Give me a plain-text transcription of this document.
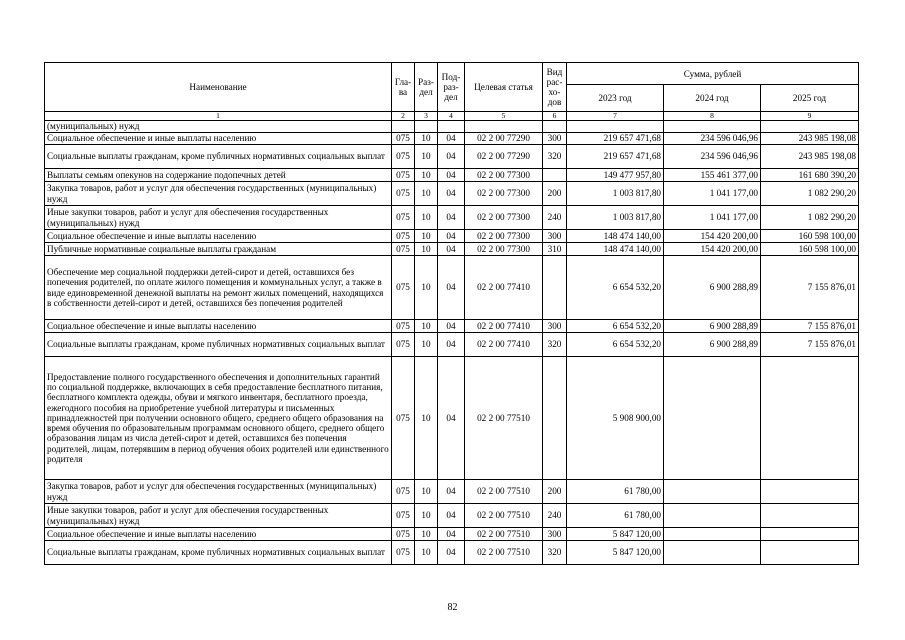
Наименование	Гла-ва	Раз-дел	Под-раз-дел	Целевая статья	Вид рас-хо-дов	Сумма, рублей		
						2023 год	2024 год	2025 год
1	2	3	4	5	6	7	8	9
(муниципальных) нужд								
Социальное обеспечение и иные выплаты населению	075	10	04	02 2 00 77290	300	219 657 471,68	234 596 046,96	243 985 198,08
Социальные выплаты гражданам, кроме публичных нормативных социальных выплат	075	10	04	02 2 00 77290	320	219 657 471,68	234 596 046,96	243 985 198,08
Выплаты семьям опекунов на содержание подопечных детей	075	10	04	02 2 00 77300		149 477 957,80	155 461 377,00	161 680 390,20
Закупка товаров, работ и услуг для обеспечения государственных (муниципальных) нужд	075	10	04	02 2 00 77300	200	1 003 817,80	1 041 177,00	1 082 290,20
Иные закупки товаров, работ и услуг для обеспечения государственных (муниципальных) нужд	075	10	04	02 2 00 77300	240	1 003 817,80	1 041 177,00	1 082 290,20
Социальное обеспечение и иные выплаты населению	075	10	04	02 2 00 77300	300	148 474 140,00	154 420 200,00	160 598 100,00
Публичные нормативные социальные выплаты гражданам	075	10	04	02 2 00 77300	310	148 474 140,00	154 420 200,00	160 598 100,00
Обеспечение мер социальной поддержки детей-сирот и детей, оставшихся без попечения родителей, по оплате жилого помещения и коммунальных услуг, а также в виде единовременной денежной выплаты на ремонт жилых помещений, находящихся в собственности детей-сирот и детей, оставшихся без попечения родителей	075	10	04	02 2 00 77410		6 654 532,20	6 900 288,89	7 155 876,01
Социальное обеспечение и иные выплаты населению	075	10	04	02 2 00 77410	300	6 654 532,20	6 900 288,89	7 155 876,01
Социальные выплаты гражданам, кроме публичных нормативных социальных выплат	075	10	04	02 2 00 77410	320	6 654 532,20	6 900 288,89	7 155 876,01
Предоставление полного государственного обеспечения и дополнительных гарантий по социальной поддержке, включающих в себя предоставление бесплатного питания, бесплатного комплекта одежды, обуви и мягкого инвентаря, бесплатного проезда, ежегодного пособия на приобретение учебной литературы и письменных принадлежностей при получении основного общего, среднего общего образования на время обучения по образовательным программам основного общего, среднего общего образования лицам из числа детей-сирот и детей, оставшихся без попечения родителей, лицам, потерявшим в период обучения обоих родителей или единственного родителя	075	10	04	02 2 00 77510		5 908 900,00		
Закупка товаров, работ и услуг для обеспечения государственных (муниципальных) нужд	075	10	04	02 2 00 77510	200	61 780,00		
Иные закупки товаров, работ и услуг для обеспечения государственных (муниципальных) нужд	075	10	04	02 2 00 77510	240	61 780,00		
Социальное обеспечение и иные выплаты населению	075	10	04	02 2 00 77510	300	5 847 120,00		
Социальные выплаты гражданам, кроме публичных нормативных социальных выплат	075	10	04	02 2 00 77510	320	5 847 120,00		
82
